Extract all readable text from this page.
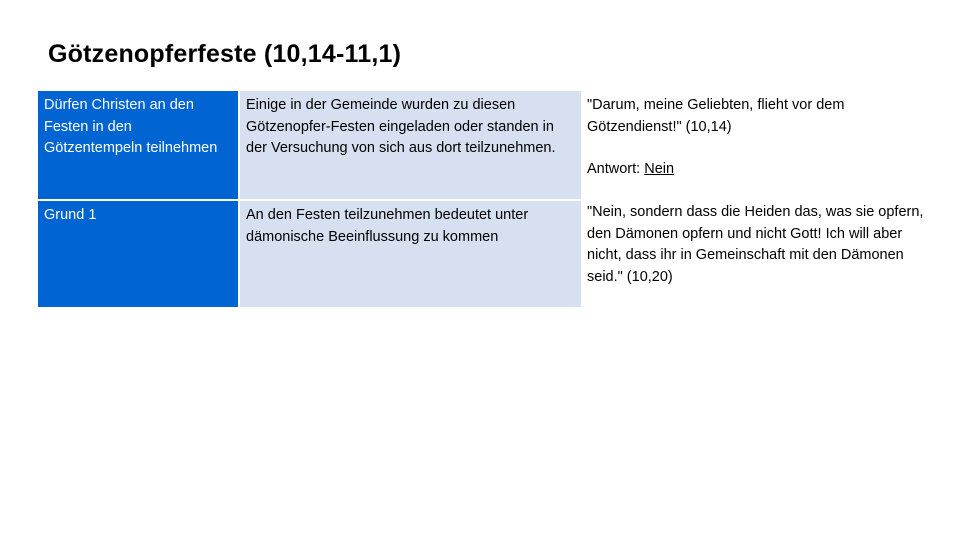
Götzenopferfeste (10,14-11,1)
Dürfen Christen an den Festen in den Götzentempeln teilnehmen
Einige in der Gemeinde wurden zu diesen Götzenopfer-Festen eingeladen oder standen in der Versuchung von sich aus dort teilzunehmen.
Grund 1	An den Festen teilzunehmen bedeutet unter dämonische Beeinflussung zu kommen
"Darum, meine Geliebten, flieht vor dem Götzendienst!" (10,14)
Antwort: Nein
"Nein, sondern dass die Heiden das, was sie opfern, den Dämonen opfern und nicht Gott! Ich will aber nicht, dass ihr in Gemeinschaft mit den Dämonen seid." (10,20)
